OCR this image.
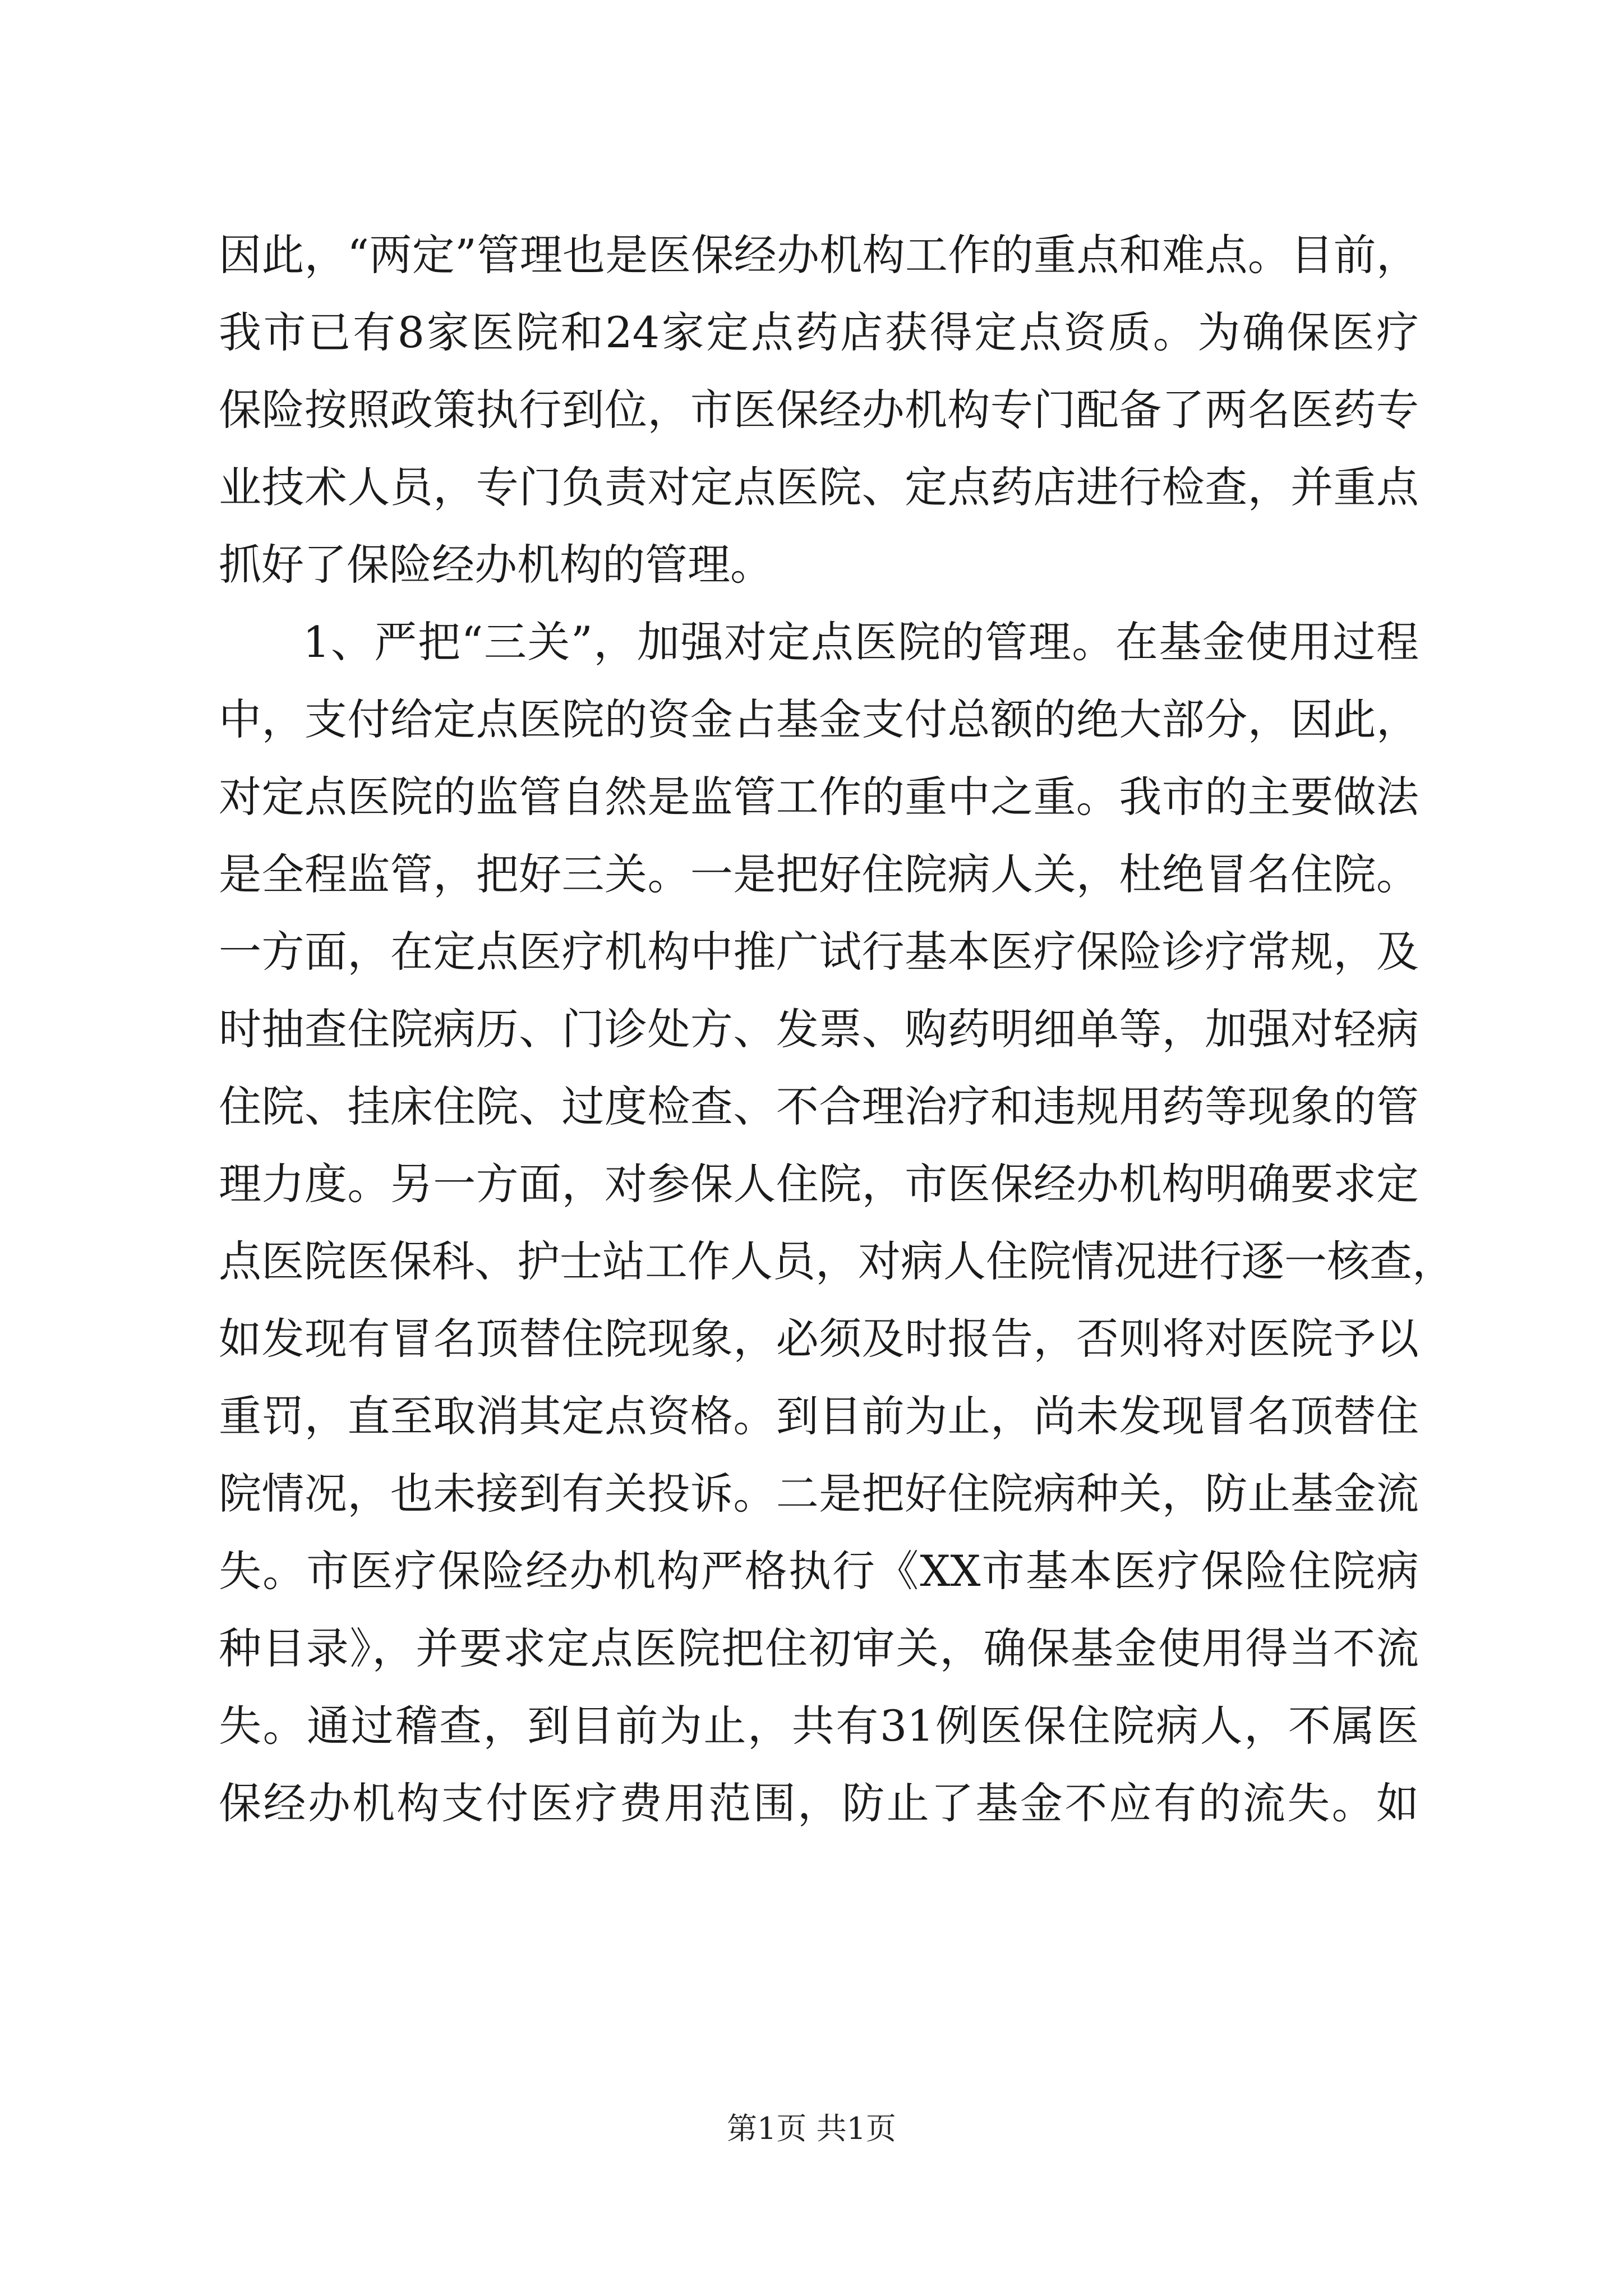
因此，“两定”管理也是医保经办机构工作的重点和难点。目前，
我市已有8家医院和24家定点药店获得定点资质。为确保医疗
保险按照政策执行到位，市医保经办机构专门配备了两名医药专
业技术人员，专门负责对定点医院、定点药店进行检查，并重点
抓好了保险经办机构的管理。
1、严把“三关”，加强对定点医院的管理。在基金使用过程
中，支付给定点医院的资金占基金支付总额的绝大部分，因此，
对定点医院的监管自然是监管工作的重中之重。我市的主要做法
是全程监管，把好三关。一是把好住院病人关，杜绝冒名住院。
一方面，在定点医疗机构中推广试行基本医疗保险诊疗常规，及
时抽查住院病历、门诊处方、发票、购药明细单等，加强对轻病
住院、挂床住院、过度检查、不合理治疗和违规用药等现象的管
理力度。另一方面，对参保人住院，市医保经办机构明确要求定
点医院医保科、护士站工作人员，对病人住院情况进行逐一核查，
如发现有冒名顶替住院现象，必须及时报告，否则将对医院予以
重罚，直至取消其定点资格。到目前为止，尚未发现冒名顶替住
院情况，也未接到有关投诉。二是把好住院病种关，防止基金流
失。市医疗保险经办机构严格执行《XX市基本医疗保险住院病
种目录》，并要求定点医院把住初审关，确保基金使用得当不流
失。通过稽查，到目前为止，共有31例医保住院病人，不属医
保经办机构支付医疗费用范围，防止了基金不应有的流失。如
第1页 共1页
